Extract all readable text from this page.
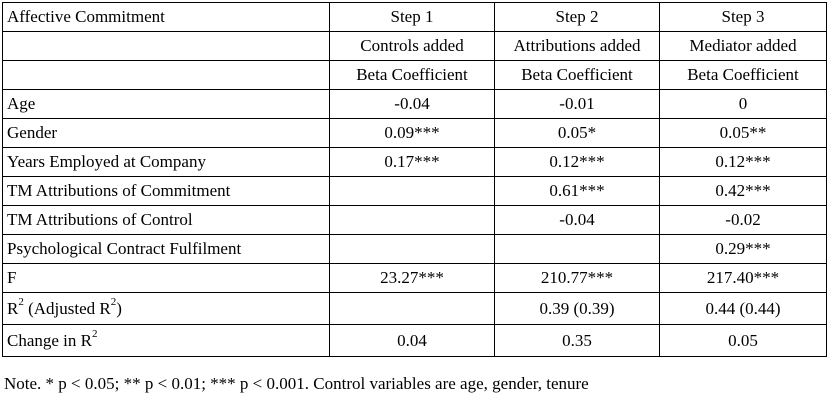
Affective Commitment	Step 1	Step 2	Step 3
	Controls added	Attributions added	Mediator added
	Beta Coefficient	Beta Coefficient	Beta Coefficient
Age	-0.04	-0.01	0
Gender	0.09***	0.05*	0.05**
Years Employed at Company	0.17***	0.12***	0.12***
TM Attributions of Commitment		0.61***	0.42***
TM Attributions of Control		-0.04	-0.02
Psychological Contract Fulfilment			0.29***
F	23.27***	210.77***	217.40***
$R^2$ (Adjusted $R^2$)		0.39 (0.39)	0.44 (0.44)
Change in $R^2$	0.04	0.35	0.05
Note. * p < 0.05; ** p < 0.01; *** p < 0.001. Control variables are age, gender, tenure
